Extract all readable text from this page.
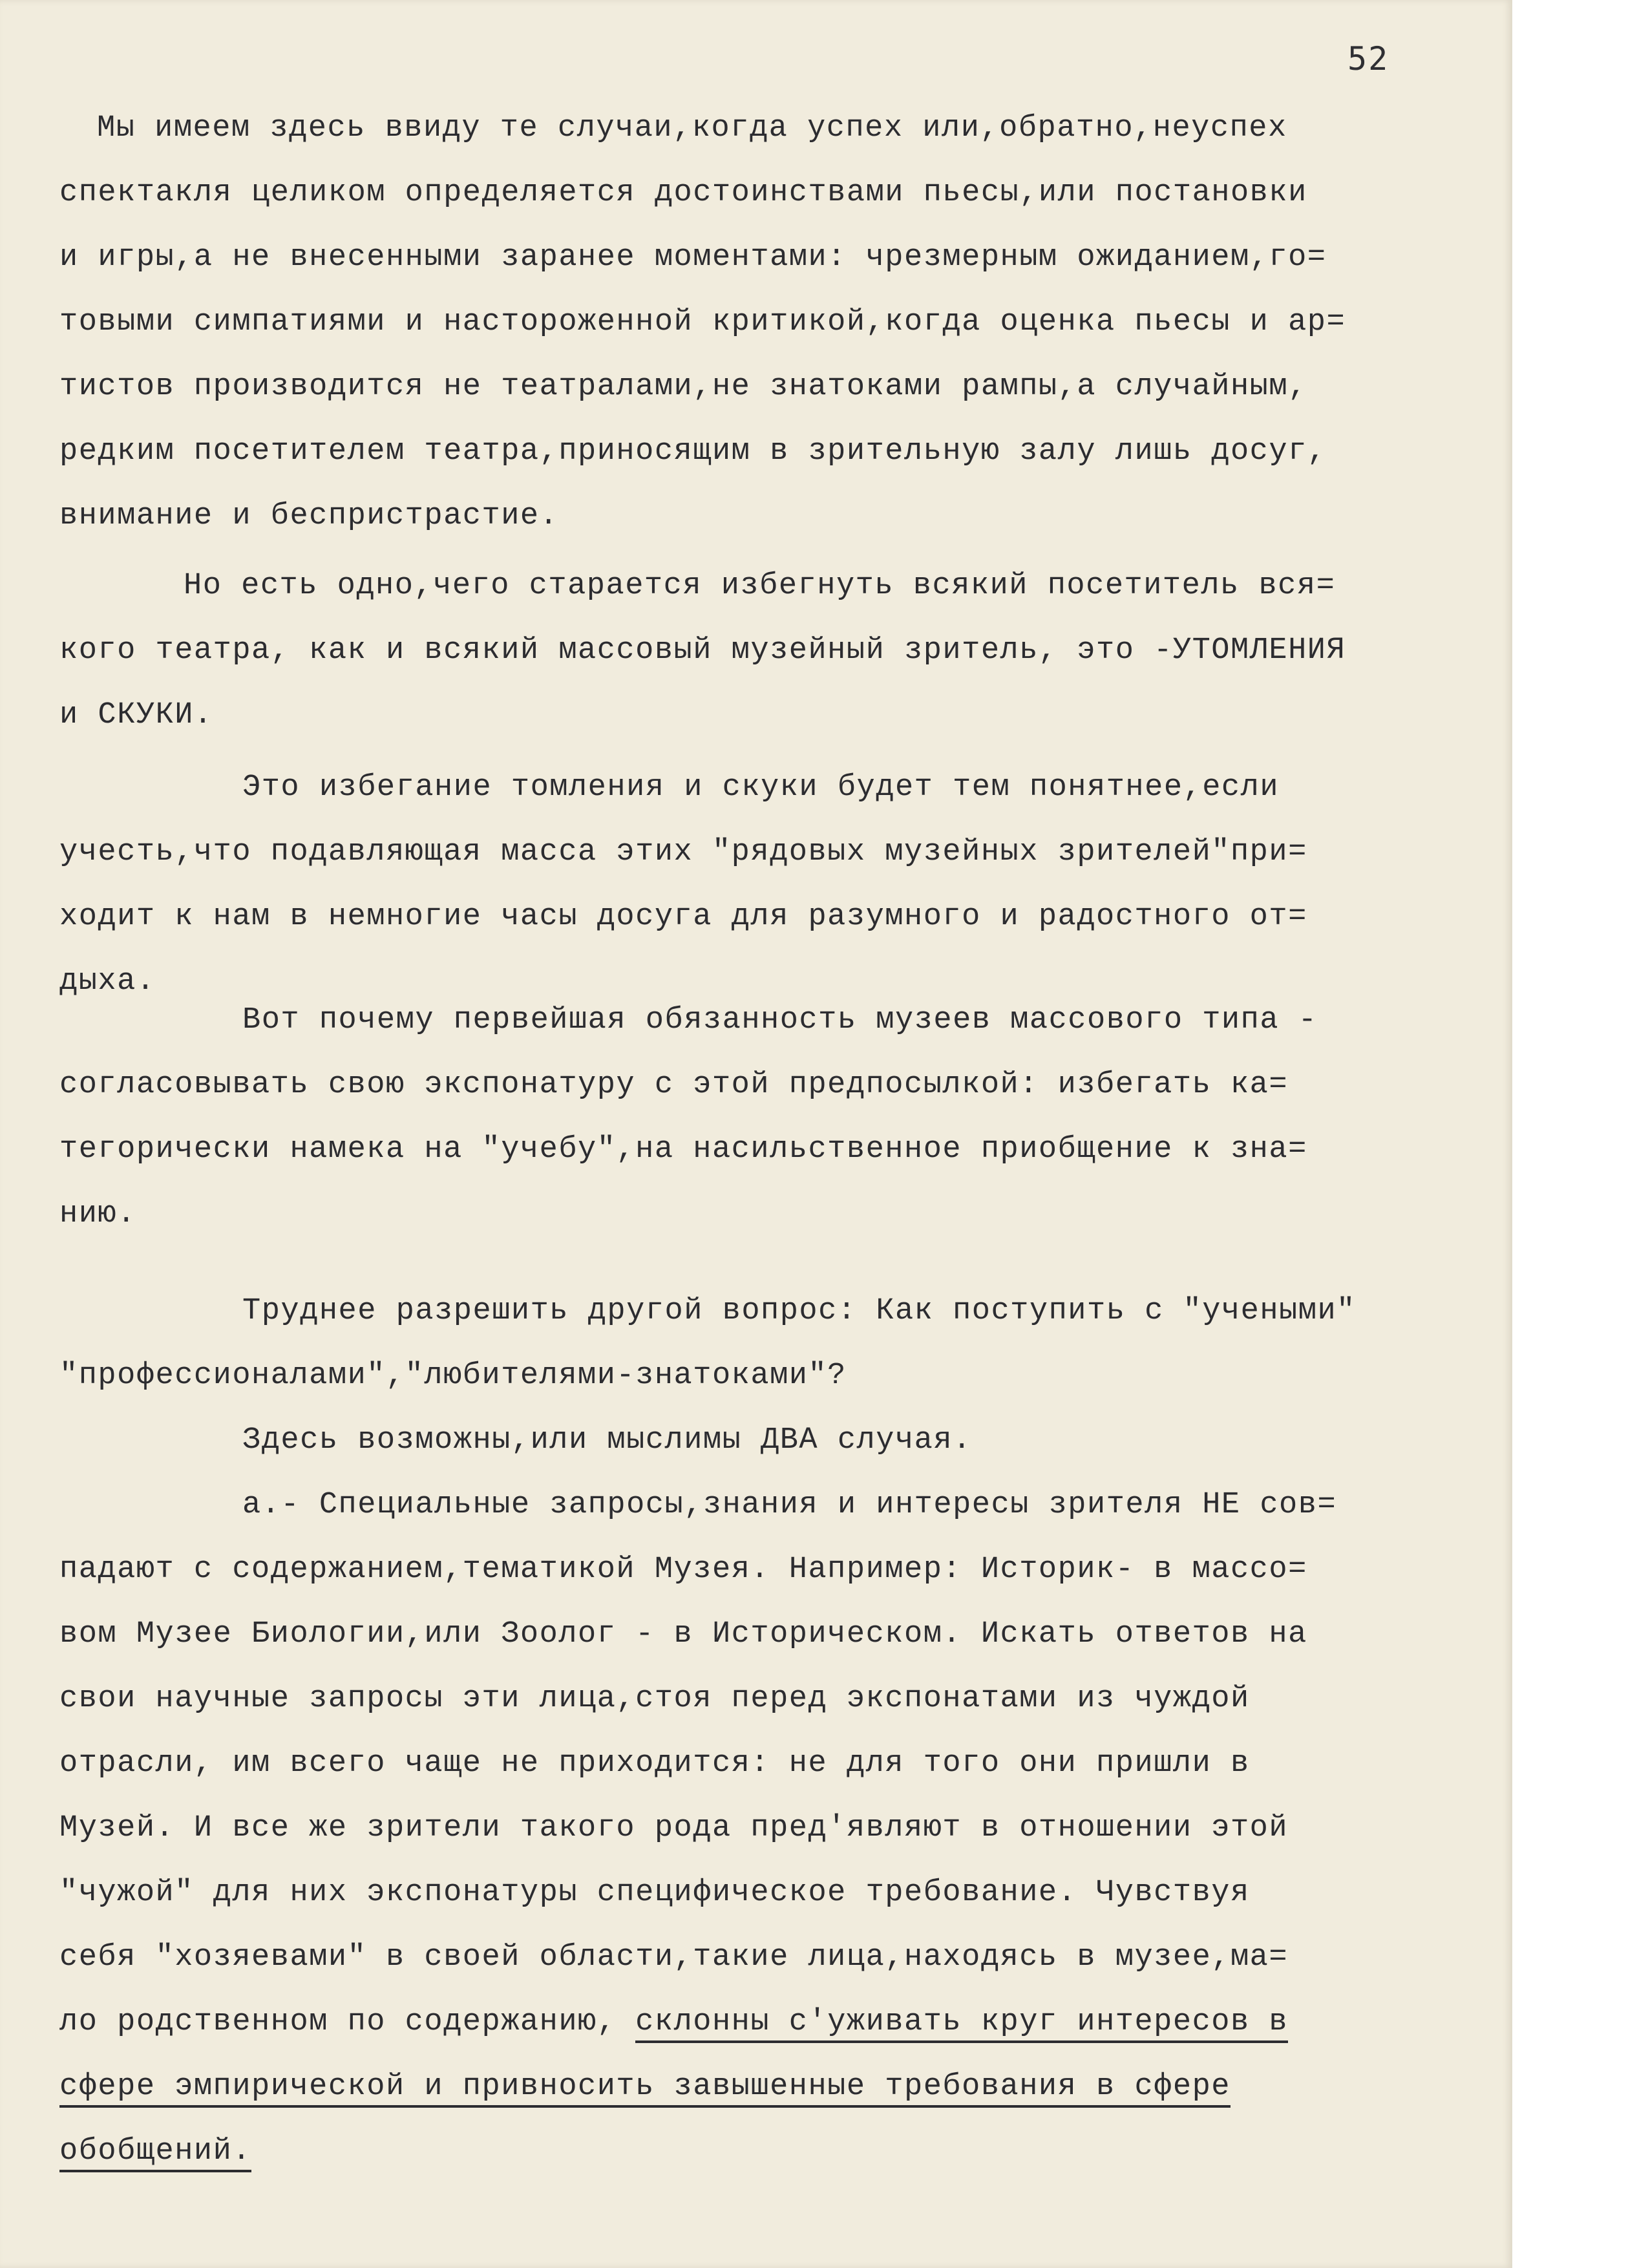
52
Мы имеем здесь ввиду те случаи,когда успех или,обратно,неуспех
спектакля целиком определяется достоинствами пьесы,или постановки
и игры,а не внесенными заранее моментами: чрезмерным ожиданием,го=
товыми симпатиями и настороженной критикой,когда оценка пьесы и ар=
тистов производится не театралами,не знатоками рампы,а случайным,
редким посетителем театра,приносящим в зрительную залу лишь досуг,
внимание и беспристрастие.
Но есть одно,чего старается избегнуть всякий посетитель вся=
кого театра, как и всякий массовый музейный зритель, это -УТОМЛЕНИЯ
и СКУКИ.
Это избегание томления и скуки будет тем понятнее,если
учесть,что подавляющая масса этих "рядовых музейных зрителей"при=
ходит к нам в немногие часы досуга для разумного и радостного от=
дыха.
Вот почему первейшая обязанность музеев массового типа -
согласовывать свою экспонатуру с этой предпосылкой: избегать ка=
тегорически намека на "учебу",на насильственное приобщение к зна=
нию.
Труднее разрешить другой вопрос: Как поступить с "учеными"
"профессионалами","любителями-знатоками"?
Здесь возможны,или мыслимы ДВА случая.
а.- Специальные запросы,знания и интересы зрителя НЕ сов=
падают с содержанием,тематикой Музея. Например: Историк- в массо=
вом Музее Биологии,или Зоолог - в Историческом. Искать ответов на
свои научные запросы эти лица,стоя перед экспонатами из чуждой
отрасли, им всего чаще не приходится: не для того они пришли в
Музей. И все же зрители такого рода пред'являют в отношении этой
"чужой" для них экспонатуры специфическое требование. Чувствуя
себя "хозяевами" в своей области,такие лица,находясь в музее,ма=
ло родственном по содержанию, склонны с'уживать круг интересов в
сфере эмпирической и привносить завышенные требования в сфере
обобщений.
